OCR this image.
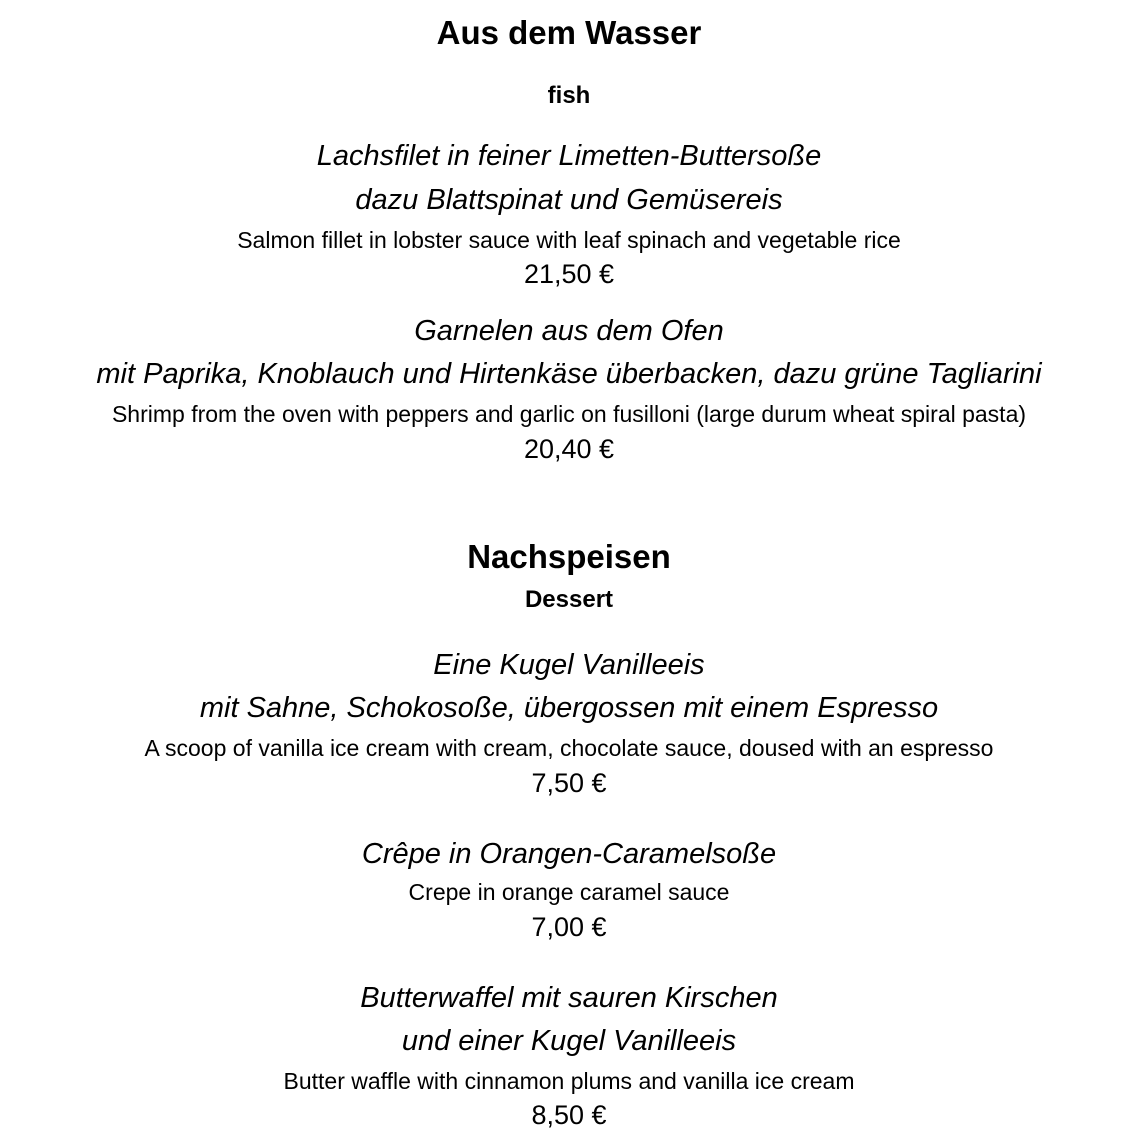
Aus dem Wasser
fish
Lachsfilet in feiner Limetten-Buttersoße
dazu Blattspinat und Gemüsereis
Salmon fillet in lobster sauce with leaf spinach and vegetable rice
21,50 €
Garnelen aus dem Ofen
mit Paprika, Knoblauch und Hirtenkäse überbacken, dazu grüne Tagliarini
Shrimp from the oven with peppers and garlic on fusilloni (large durum wheat spiral pasta)
20,40 €
Nachspeisen
Dessert
Eine Kugel Vanilleeis
mit Sahne, Schokosoße, übergossen mit einem Espresso
A scoop of vanilla ice cream with cream, chocolate sauce, doused with an espresso
7,50 €
Crêpe in Orangen-Caramelsoße
Crepe in orange caramel sauce
7,00 €
Butterwaffel mit sauren Kirschen
und einer Kugel Vanilleeis
Butter waffle with cinnamon plums and vanilla ice cream
8,50 €
